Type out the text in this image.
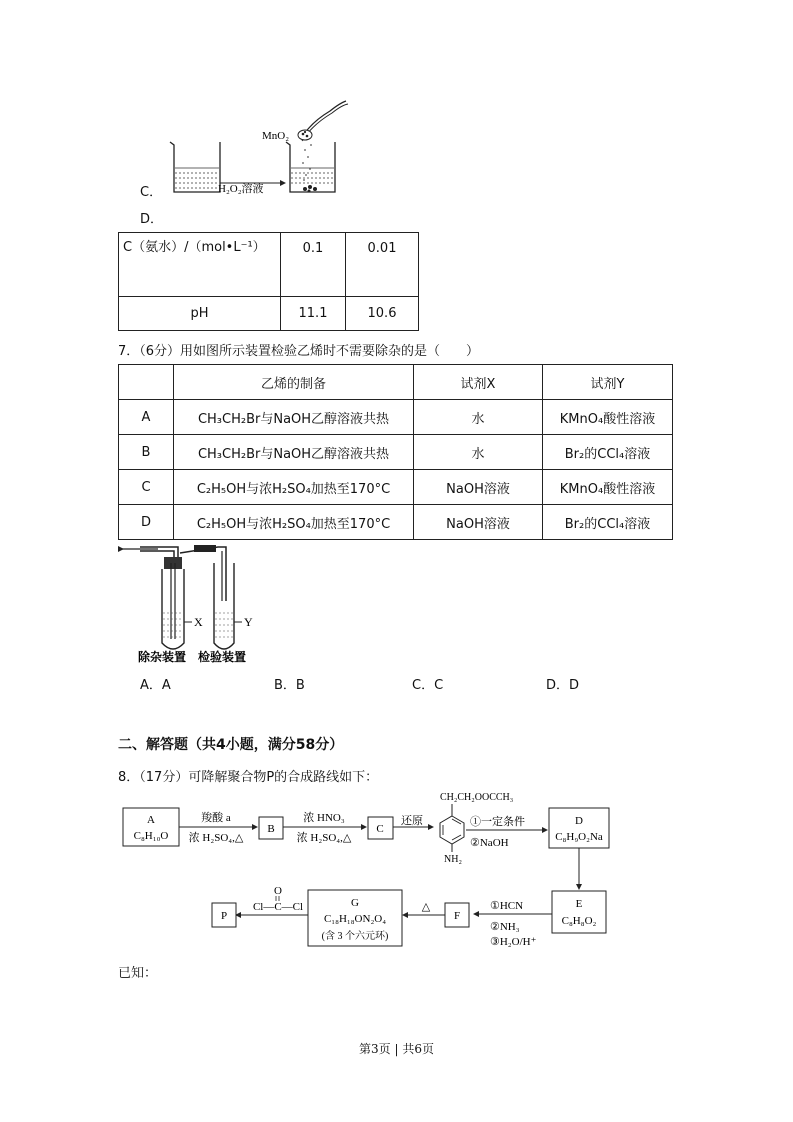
C．	H₂O₂溶液
MnO₂
D．
C（氨水）/（mol•L⁻¹）	0.1	0.01
pH	11.1	10.6
7．（6分）用如图所示装置检验乙烯时不需要除杂的是（　　）
	乙烯的制备	试剂X	试剂Y
A	CH₃CH₂Br与NaOH乙醇溶液共热	水	KMnO₄酸性溶液
B	CH₃CH₂Br与NaOH乙醇溶液共热	水	Br₂的CCl₄溶液
C	C₂H₅OH与浓H₂SO₄加热至170°C	NaOH溶液	KMnO₄酸性溶液
D	C₂H₅OH与浓H₂SO₄加热至170°C	NaOH溶液	Br₂的CCl₄溶液
X	Y
除杂装置 检验装置
A．A	B．B	C．C	D．D
二、解答题（共4小题，满分58分）
8．（17分）可降解聚合物P的合成路线如下：
A
C₈H₁₀O
羧酸 a
浓 H₂SO₄,△
B
浓 HNO₃
浓 H₂SO₄,△
C
还原
CH₂CH₂OOCCH₃
NH₂
①一定条件
②NaOH
D
C₈H₉O₂Na
E
C₈H₈O₂
①HCN
②NH₃
③H₂O/H⁺
F
△
G
C₁₈H₁₈ON₂O₄
(含 3 个六元环)
O
Cl—C—Cl
P
已知：
第3页 | 共6页
